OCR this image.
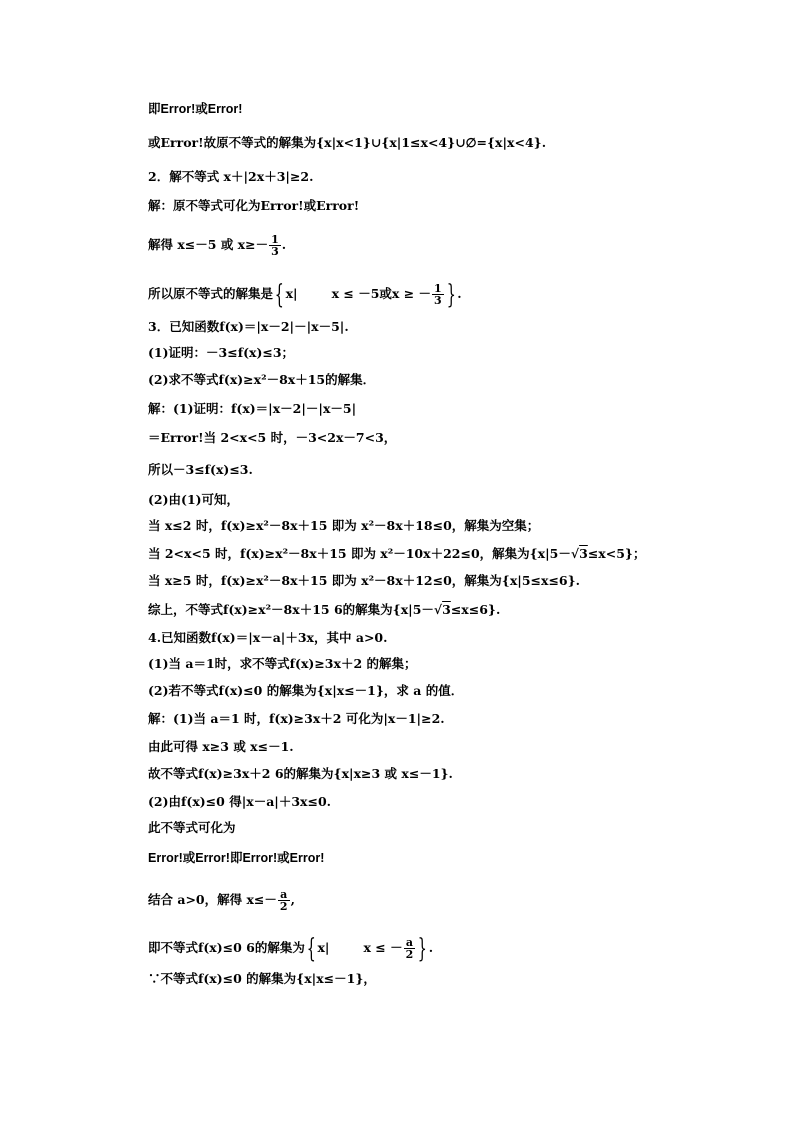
即Error!或Error!
或Error!故原不等式的解集为{x|x<1}∪{x|1≤x<4}∪∅={x|x<4}.
2．解不等式 x＋|2x＋3|≥2.
解：原不等式可化为Error!或Error!
解得 x≤－5 或 $x\ge- \frac{1}{3}$ .
所以原不等式的解集是{ x|	x ≤ －5或x ≥ － $\frac{1}{3}$ } .
3．已知函数f(x)＝|x－2|－|x－5|.
(1)证明：－3≤f(x)≤3；
(2)求不等式f(x)≥x²－8x＋15的解集．
解：(1)证明：f(x)＝|x－2|－|x－5|
＝Error!当 2<x<5 时，－3<2x－7<3，
所以－3≤f(x)≤3.
(2)由(1)可知，
当 x≤2 时，f(x)≥x²－8x＋15 即为 x²－8x＋18≤0，解集为空集；
当 2<x<5 时，f(x)≥x²－8x＋15 即为 x²－10x＋22≤0，解集为{x|5－√3≤x<5}；
当 x≥5 时，f(x)≥x²－8x＋15 即为 x²－8x＋12≤0，解集为{x|5≤x≤6}.
综上，不等式f(x)≥x²－8x＋15 6的解集为{x|5－√3≤x≤6}.
4.已知函数f(x)＝|x－a|＋3x，其中 a>0.
(1)当 a＝1时，求不等式f(x)≥3x＋2 的解集；
(2)若不等式f(x)≤0 的解集为{x|x≤－1}，求 a 的值．
解：(1)当 a＝1 时，f(x)≥3x＋2 可化为|x－1|≥2.
由此可得 x≥3 或 x≤－1.
故不等式f(x)≥3x＋2 6的解集为{x|x≥3 或 x≤－1}.
(2)由f(x)≤0 得|x－a|＋3x≤0.
此不等式可化为
Error!或Error!即Error!或Error!
结合 a>0，解得 $x\le- \frac{a}{2}$ ,
即不等式f(x)≤0 6的解集为{ x|	x ≤ － $\frac{a}{2}$ } .
∵不等式f(x)≤0 的解集为{x|x≤－1}，
